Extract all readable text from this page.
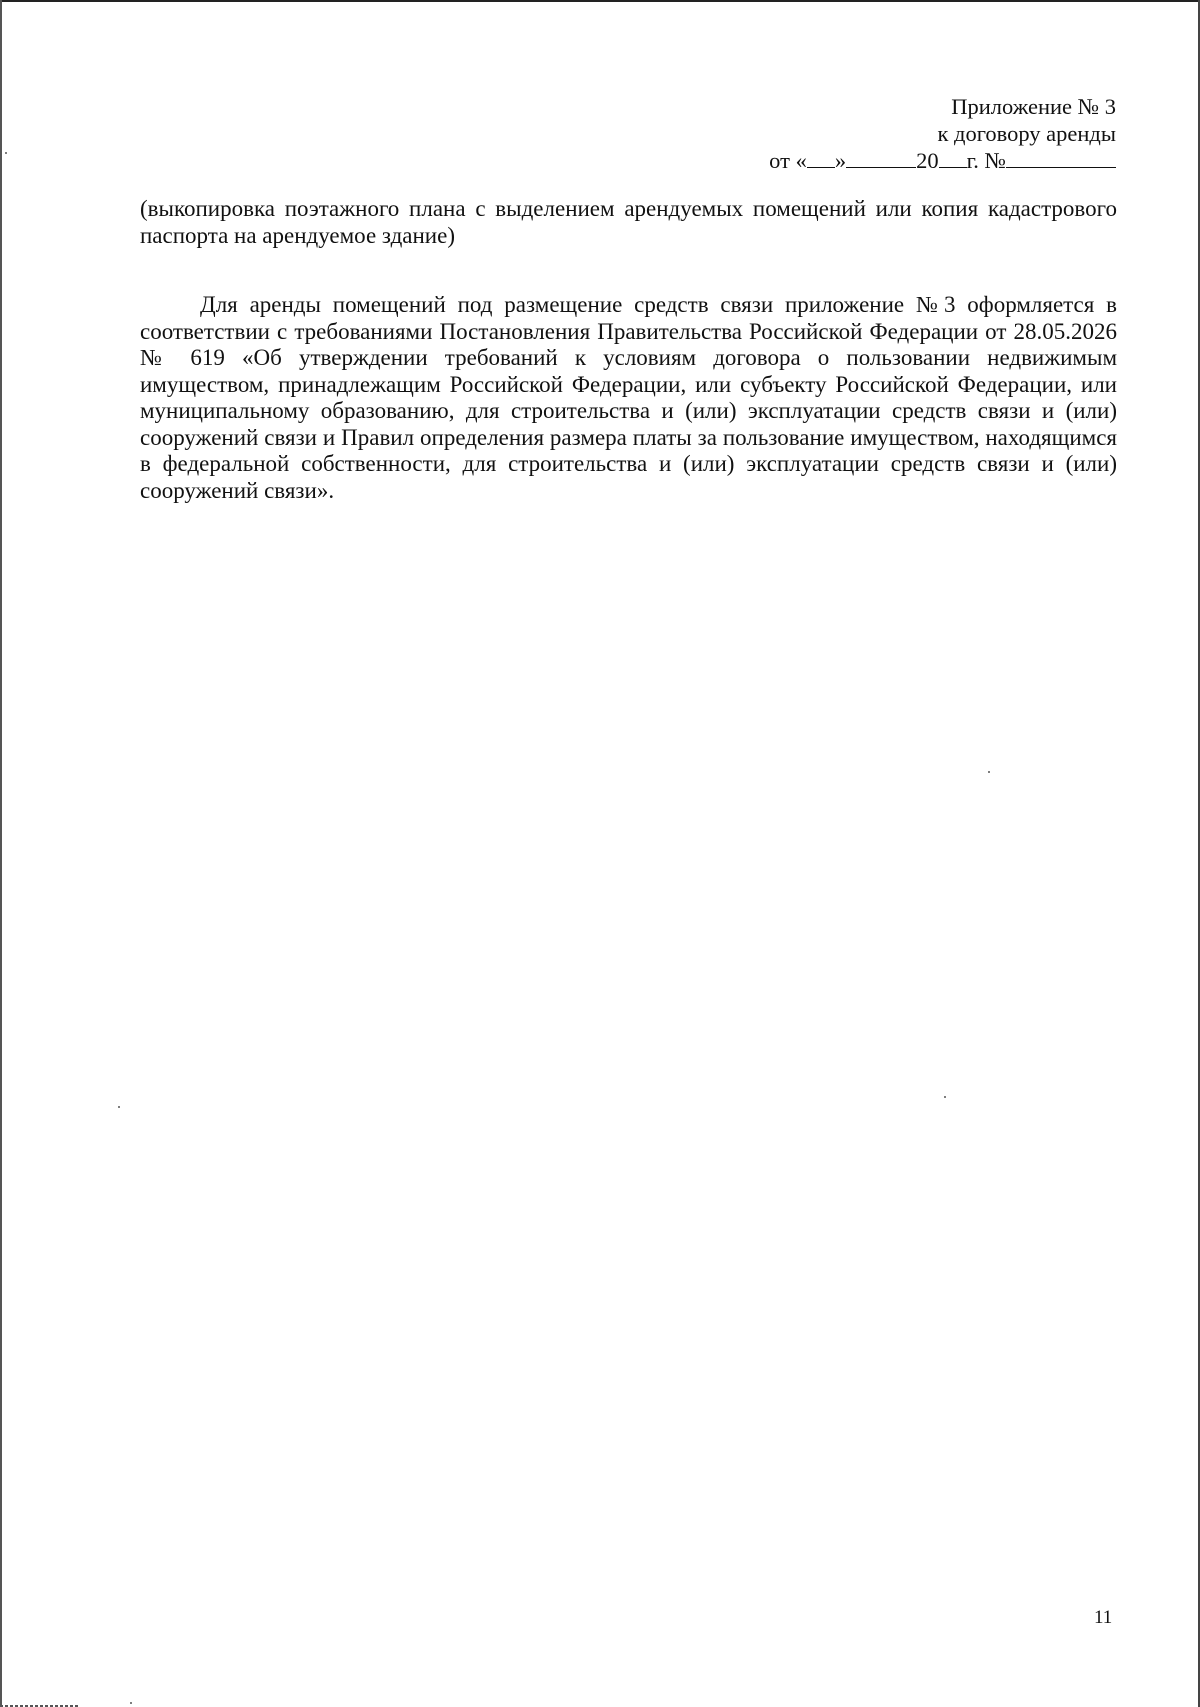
Приложение № 3
к договору аренды
от « »	20 г. №
(выкопировка поэтажного плана с выделением арендуемых помещений или копия кадастрового паспорта на арендуемое здание)
Для аренды помещений под размещение средств связи приложение №3 оформляется в соответствии с требованиями Постановления Правительства Российской Федерации от 28.05.2026 № 619 «Об утверждении требований к условиям договора о пользовании недвижимым имуществом, принадлежащим Российской Федерации, или субъекту Российской Федерации, или муниципальному образованию, для строительства и (или) эксплуатации средств связи и (или) сооружений связи и Правил определения размера платы за пользование имуществом, находящимся в федеральной собственности, для строительства и (или) эксплуатации средств связи и (или) сооружений связи».
11
